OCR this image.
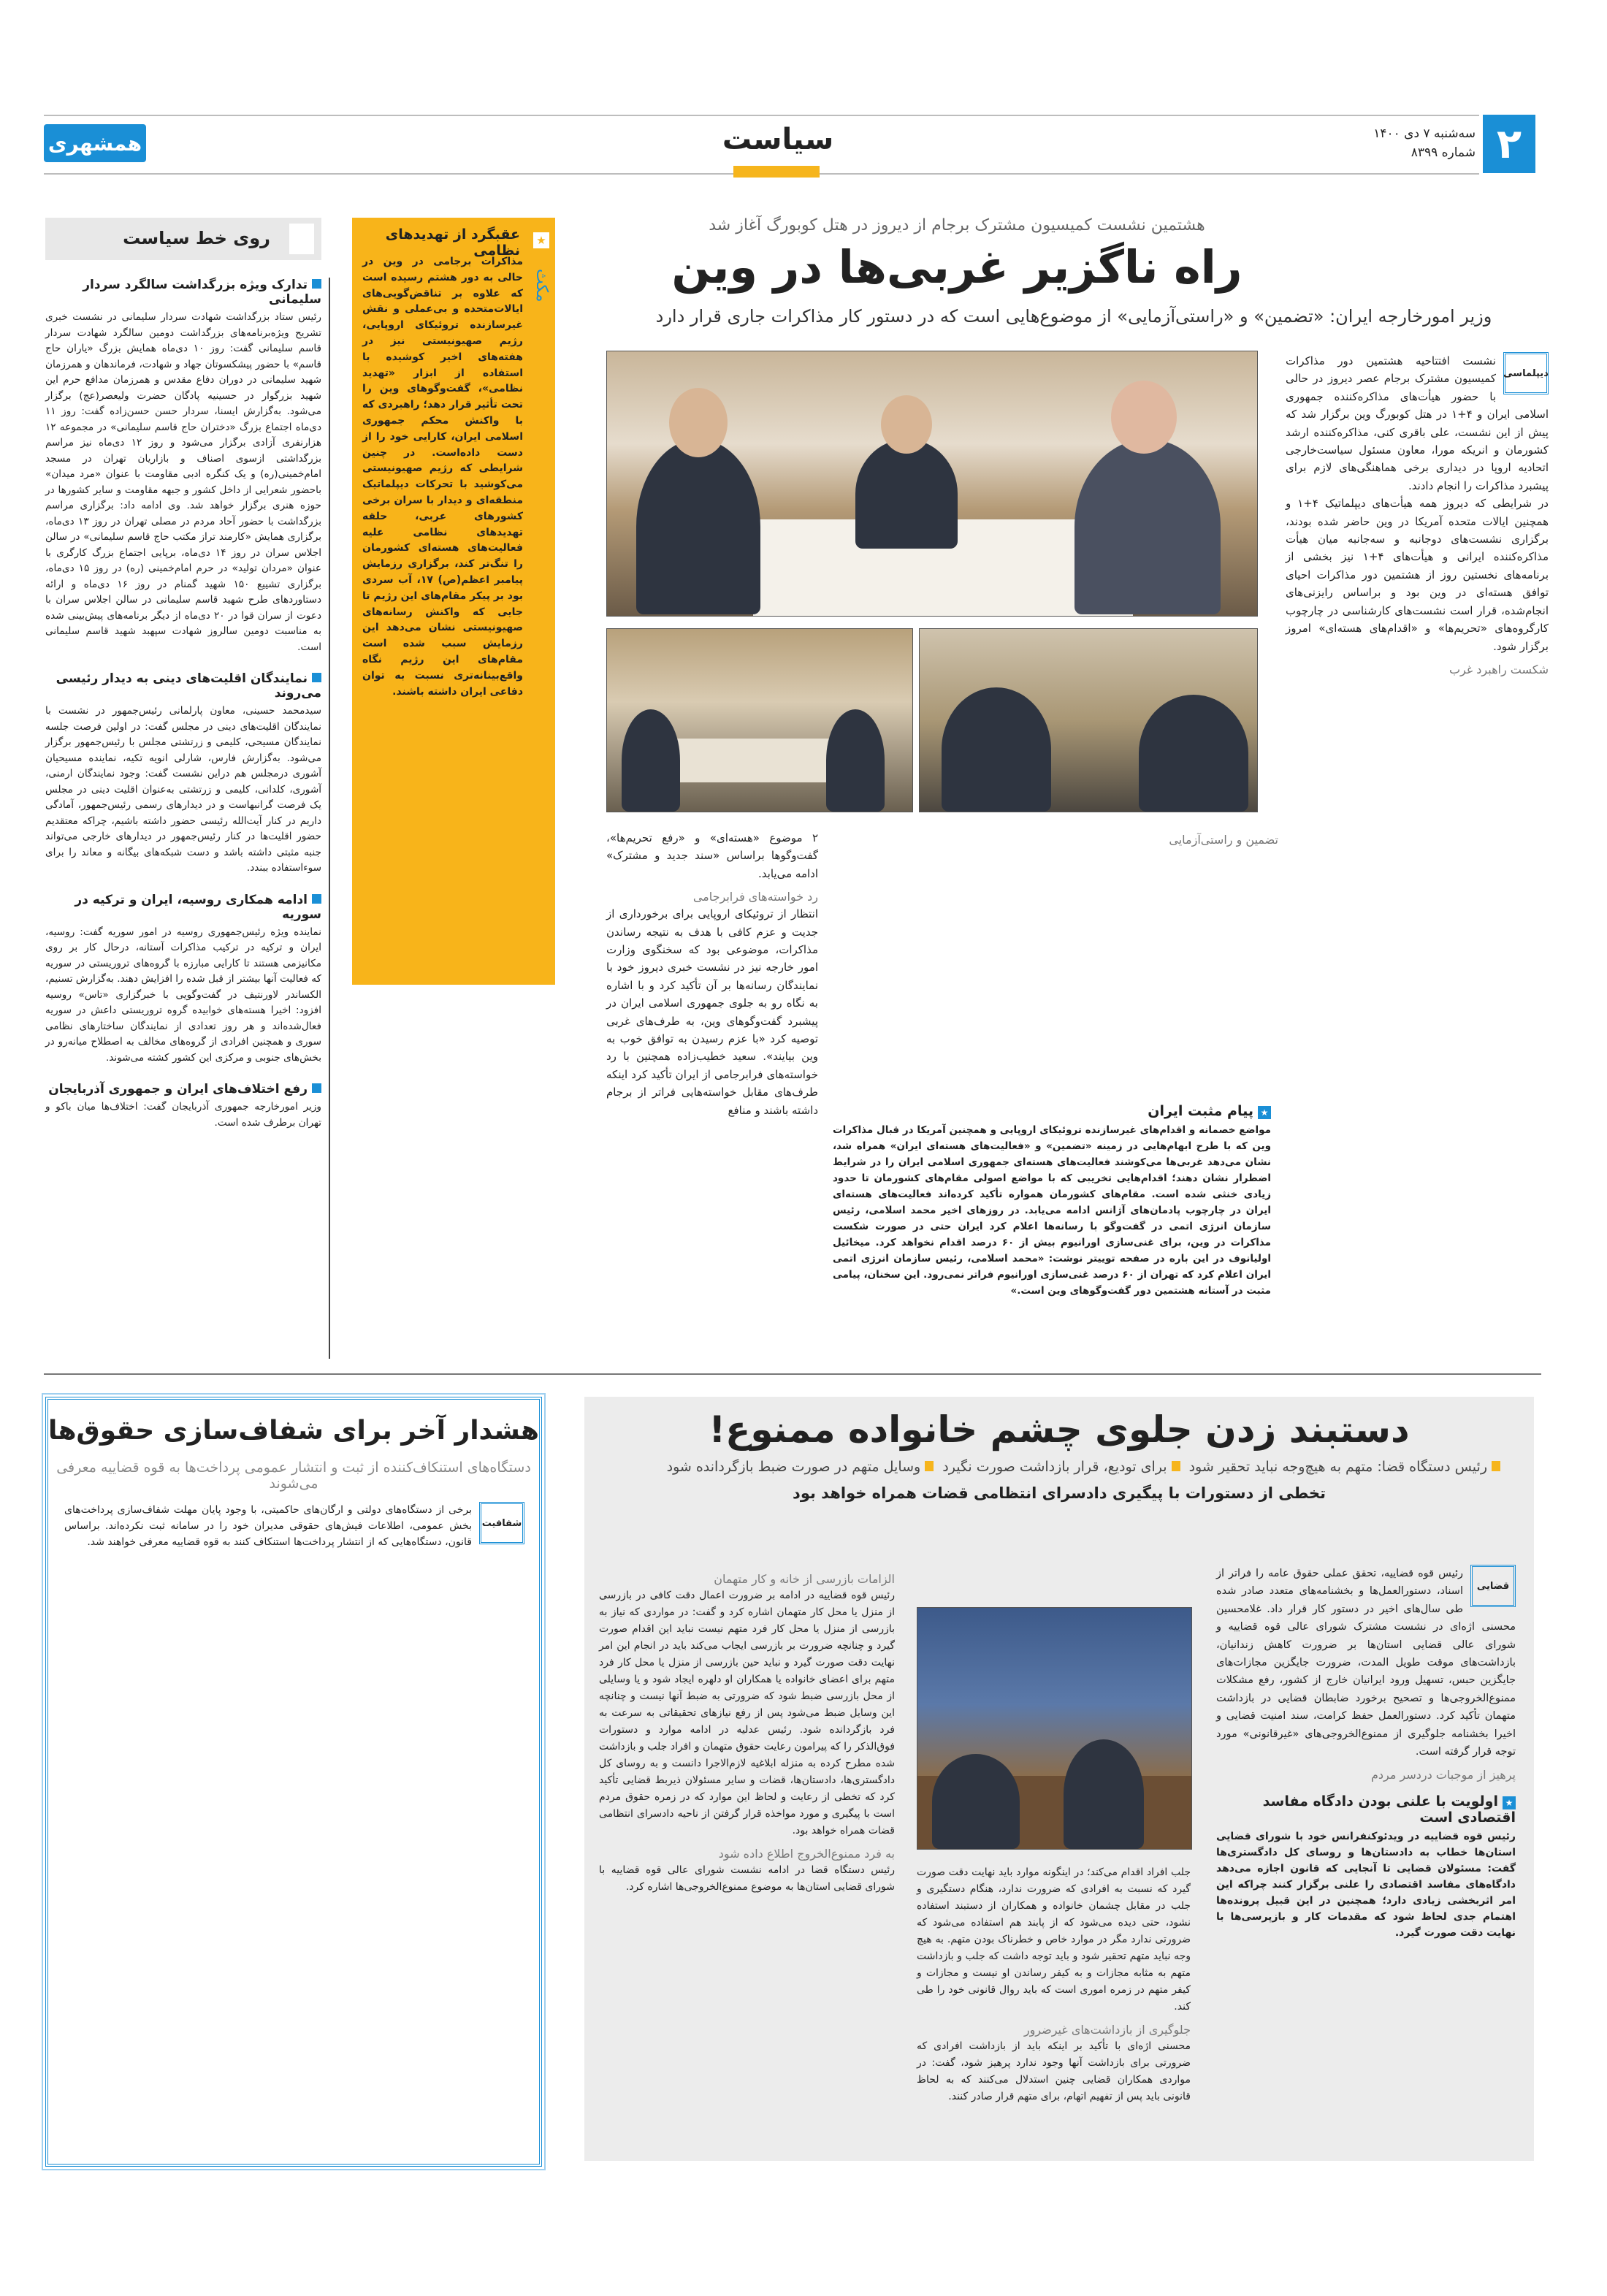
۲
سه‌شنبه ۷ دی ۱۴۰۰
شماره ۸۳۹۹
سیاست
همشهری
روی خط سیاست
تدارک ویژه بزرگداشت سالگرد سردار سلیمانی

رئیس ستاد بزرگداشت شهادت سردار سلیمانی در نشست خبری تشریح ویژه‌برنامه‌های بزرگداشت دومین سالگرد شهادت سردار قاسم سلیمانی گفت: روز ۱۰ دی‌ماه همایش بزرگ «یاران حاج قاسم» با حضور پیشکسوتان جهاد و شهادت، فرماندهان و همرزمان شهید سلیمانی در دوران دفاع مقدس و همرزمان مدافع حرم این شهید بزرگوار در حسینیه پادگان حضرت ولیعصر(عج) برگزار می‌شود. به‌گزارش ایسنا، سردار حسن حسن‌زاده گفت: روز ۱۱ دی‌ماه اجتماع بزرگ «دختران حاج قاسم سلیمانی» در مجموعه ۱۲ هزارنفری آزادی برگزار می‌شود و روز ۱۲ دی‌ماه نیز مراسم بزرگداشتی ازسوی اصناف و بازاریان تهران در مسجد امام‌خمینی(ره) و یک کنگره ادبی مقاومت با عنوان «مرد میدان» باحضور شعرایی از داخل کشور و جبهه مقاومت و سایر کشورها در حوزه هنری برگزار خواهد شد. وی ادامه داد: برگزاری مراسم بزرگداشت با حضور آحاد مردم در مصلی تهران در روز ۱۳ دی‌ماه، برگزاری همایش «کارمند تراز مکتب حاج قاسم سلیمانی» در سالن اجلاس سران در روز ۱۴ دی‌ماه، برپایی اجتماع بزرگ کارگری با عنوان «مردان تولید» در حرم امام‌خمینی (ره) در روز ۱۵ دی‌ماه، برگزاری تشییع ۱۵۰ شهید گمنام در روز ۱۶ دی‌ماه و ارائه دستاوردهای طرح شهید قاسم سلیمانی در سالن اجلاس سران با دعوت از سران قوا در ۲۰ دی‌ماه از دیگر برنامه‌های پیش‌بینی شده به مناسبت دومین سالروز شهادت سپهبد شهید قاسم سلیمانی است.

نمایندگان اقلیت‌های دینی به دیدار رئیسی می‌روند

سیدمحمد حسینی، معاون پارلمانی رئیس‌جمهور در نشست با نمایندگان اقلیت‌های دینی در مجلس گفت: در اولین فرصت جلسه نمایندگان مسیحی، کلیمی و زرتشتی مجلس با رئیس‌جمهور برگزار می‌شود. به‌گزارش فارس، شارلی انویه تکیه، نماینده مسیحیان آشوری درمجلس هم دراین نشست گفت: وجود نمایندگان ارمنی، آشوری، کلدانی، کلیمی و زرتشتی به‌عنوان اقلیت دینی در مجلس یک فرصت گرانبهاست و در دیدارهای رسمی رئیس‌جمهور، آمادگی داریم در کنار آیت‌الله رئیسی حضور داشته باشیم، چراکه معتقدیم حضور اقلیت‌ها در کنار رئیس‌جمهور در دیدارهای خارجی می‌تواند جنبه مثبتی داشته باشد و دست شبکه‌های بیگانه و معاند را برای سوءاستفاده ببندد.

ادامه همکاری روسیه، ایران و ترکیه در سوریه

نماینده ویژه رئیس‌جمهوری روسیه در امور سوریه گفت: روسیه، ایران و ترکیه در ترکیب مذاکرات آستانه، درحال کار بر روی مکانیزمی هستند تا کارایی مبارزه با گروه‌های تروریستی در سوریه که فعالیت آنها بیشتر از قبل شده را افزایش دهند. به‌گزارش تسنیم، الکساندر لاورنتیف در گفت‌وگویی با خبرگزاری «تاس» روسیه افزود: اخیرا هسته‌های خوابیده گروه تروریستی داعش در سوریه فعال‌شده‌اند و هر روز تعدادی از نمایندگان ساختارهای نظامی سوری و همچنین افرادی از گروه‌های مخالف به اصطلاح میانه‌رو در بخش‌های جنوبی و مرکزی این کشور کشته می‌شوند.

رفع اختلاف‌های ایران و جمهوری آذربایجان

وزیر امورخارجه جمهوری آذربایجان گفت: اختلاف‌ها میان باکو و تهران برطرف شده است.

★
مکث
عقبگرد از تهدیدهای نظامی

مذاکرات برجامی در وین در حالی به دور هشتم رسیده است که علاوه بر تناقض‌گویی‌های ایالات‌متحده و بی‌عملی و نقش غیرسازنده تروئیکای اروپایی، رژیم صهیونیستی نیز در هفته‌های اخیر کوشیده با استفاده از ابزار «تهدید نظامی»، گفت‌وگوهای وین را تحت تأثیر قرار دهد؛ راهبردی که با واکنش محکم جمهوری اسلامی ایران، کارایی خود را از دست داده‌است. در چنین شرایطی که رژیم صهیونیستی می‌کوشید با تحرکات دیپلماتیک منطقه‌ای و دیدار با سران برخی کشورهای عربی، حلقه تهدیدهای نظامی علیه فعالیت‌های هسته‌ای کشورمان را تنگ‌تر کند، برگزاری رزمایش پیامبر اعظم(ص) ۱۷، آب سردی بود بر پیکر مقام‌های این رژیم تا جایی که واکنش رسانه‌های صهیونیستی نشان می‌دهد این رزمایش سبب شده است مقام‌های این رژیم نگاه واقع‌بینانه‌تری نسبت به توان دفاعی ایران داشته باشند.

هشتمین نشست کمیسیون مشترک برجام از دیروز در هتل کوبورگ آغاز شد
راه ناگزیر غربی‌ها در وین
وزیر امورخارجه ایران: «تضمین» و «راستی‌آزمایی» از موضوع‌هایی است که در دستور کار مذاکرات جاری قرار دارد
دیپلماسی

نشست افتتاحیه هشتمین دور مذاکرات کمیسیون مشترک برجام عصر دیروز در حالی با حضور هیأت‌های مذاکره‌کننده جمهوری اسلامی ایران و ۴+۱ در هتل کوبورگ وین برگزار شد که پیش از این نشست، علی باقری کنی، مذاکره‌کننده ارشد کشورمان و انریکه مورا، معاون مسئول سیاست‌خارجی اتحادیه اروپا در دیداری برخی هماهنگی‌های لازم برای پیشبرد مذاکرات را انجام دادند.

در شرایطی که دیروز همه هیأت‌های دیپلماتیک ۴+۱ و همچنین ایالات متحده آمریکا در وین حاضر شده بودند، برگزاری نشست‌های دوجانبه و سه‌جانبه میان هیأت مذاکره‌کننده ایرانی و هیأت‌های ۴+۱ نیز بخشی از برنامه‌های نخستین روز از هشتمین دور مذاکرات احیای توافق هسته‌ای در وین بود و براساس رایزنی‌های انجام‌شده، قرار است نشست‌های کارشناسی در چارچوب کارگروه‌های «تحریم‌ها» و «اقدام‌های هسته‌ای» امروز برگزار شود.

شکست راهبرد غرب
تضمین و راستی‌آزمایی

۲ موضوع «هسته‌ای» و «رفع تحریم‌ها»، گفت‌وگوها براساس «سند جدید و مشترک» ادامه می‌یابد.

رد خواسته‌های فرابرجامی

انتظار از تروئیکای اروپایی برای برخورداری از جدیت و عزم کافی با هدف به نتیجه رساندن مذاکرات، موضوعی بود که سخنگوی وزارت امور خارجه نیز در نشست خبری دیروز خود با نمایندگان رسانه‌ها بر آن تأکید کرد و با اشاره به نگاه رو به جلوی جمهوری اسلامی ایران در پیشبرد گفت‌وگوهای وین، به طرف‌های غربی توصیه کرد «با عزم رسیدن به توافق خوب به وین بیایند». سعید خطیب‌زاده همچنین با رد خواسته‌های فرابرجامی از ایران تأکید کرد اینکه طرف‌های مقابل خواسته‌هایی فراتر از برجام داشته باشند و منافع	★پیام مثبت ایران

مواضع خصمانه و اقدام‌های غیرسازنده تروئیکای اروپایی و همچنین آمریکا در قبال مذاکرات وین که با طرح ابهام‌هایی در زمینه «تضمین» و «فعالیت‌های هسته‌ای ایران» همراه شد، نشان می‌دهد غربی‌ها می‌کوشند فعالیت‌های هسته‌ای جمهوری اسلامی ایران را در شرایط اضطرار نشان دهند؛ اقدام‌هایی تخریبی که با مواضع اصولی مقام‌های کشورمان تا حدود زیادی خنثی شده است. مقام‌های کشورمان همواره تأکید کرده‌اند فعالیت‌های هسته‌ای ایران در چارچوب پادمان‌های آژانس ادامه می‌یابد. در روزهای اخیر محمد اسلامی، رئیس سازمان انرژی اتمی در گفت‌وگو با رسانه‌ها اعلام کرد ایران حتی در صورت شکست مذاکرات در وین، برای غنی‌سازی اورانیوم بیش از ۶۰ درصد اقدام نخواهد کرد. میخائیل اولیانوف در این باره در صفحه توییتر نوشت: «محمد اسلامی، رئیس سازمان انرژی اتمی ایران اعلام کرد که تهران از ۶۰ درصد غنی‌سازی اورانیوم فراتر نمی‌رود. این سخنان، پیامی مثبت در آستانه هشتمین دور گفت‌وگوهای وین است.»

هشدار آخر برای شفاف‌سازی حقوق‌ها
دستگاه‌های استنکاف‌کننده از ثبت و انتشار عمومی پرداخت‌ها به قوه قضاییه معرفی می‌شوند
شفافیت

برخی از دستگاه‌های دولتی و ارگان‌های حاکمیتی، با وجود پایان مهلت شفاف‌سازی پرداخت‌های بخش عمومی، اطلاعات فیش‌های حقوقی مدیران خود را در سامانه ثبت نکرده‌اند. براساس قانون، دستگاه‌هایی که از انتشار پرداخت‌ها استنکاف کنند به قوه قضاییه معرفی خواهند شد.

دستبند زدن جلوی چشم خانواده ممنوع!
رئیس دستگاه قضا: متهم به هیچ‌وجه نباید تحقیر شود برای تودیع، قرار بازداشت صورت نگیرد وسایل متهم در صورت ضبط بازگردانده شود
تخطی از دستورات با پیگیری دادسرای انتظامی قضات همراه خواهد بود
قضایی

رئیس قوه قضاییه، تحقق عملی حقوق عامه را فراتر از اسناد، دستورالعمل‌ها و بخشنامه‌های متعدد صادر شده طی سال‌های اخیر در دستور کار قرار داد. غلامحسین محسنی اژه‌ای در نشست مشترک شورای عالی قوه قضاییه و شورای عالی قضایی استان‌ها بر ضرورت کاهش زندانیان، بازداشت‌های موقت طویل المدت، ضرورت جایگزین مجازات‌های جایگزین حبس، تسهیل ورود ایرانیان خارج از کشور، رفع مشکلات ممنوع‌الخروجی‌ها و تصحیح برخورد ضابطان قضایی در بازداشت متهمان تأکید کرد. دستورالعمل حفظ کرامت، سند امنیت قضایی و اخیرا بخشنامه جلوگیری از ممنوع‌الخروجی‌های «غیرقانونی» مورد توجه قرار گرفته است.

پرهیز از موجبات دردسر مردم
★اولویت با علنی بودن دادگاه مفاسد اقتصادی است

رئیس قوه قضاییه در ویدئوکنفرانس خود با شورای قضایی استان‌ها خطاب به دادستان‌ها و روسای کل دادگستری‌ها گفت: مسئولان قضایی تا آنجایی که قانون اجازه می‌دهد دادگاه‌های مفاسد اقتصادی را علنی برگزار کنند چراکه این امر اثربخشی زیادی دارد؛ همچنین در این قبیل پرونده‌ها اهتمام جدی لحاظ شود که مقدمات کار و بازپرسی‌ها با نهایت دقت صورت گیرد.

جلب افراد اقدام می‌کند؛ در اینگونه موارد باید نهایت دقت صورت گیرد که نسبت به افرادی که ضرورت ندارد، هنگام دستگیری و جلب در مقابل چشمان خانواده و همکاران از دستبند استفاده نشود، حتی دیده می‌شود که از پابند هم استفاده می‌شود که ضرورتی ندارد مگر در موارد خاص و خطرناک بودن متهم. به هیچ وجه نباید متهم تحقیر شود و باید توجه داشت که جلب و بازداشت متهم به مثابه مجازات و به کیفر رساندن او نیست و مجازات و کیفر متهم در زمره اموری است که باید روال قانونی خود را طی کند.

جلوگیری از بازداشت‌های غیرضرور

محسنی اژه‌ای با تأکید بر اینکه باید از بازداشت افرادی که ضرورتی برای بازداشت آنها وجود ندارد پرهیز شود، گفت: در مواردی همکاران قضایی چنین استدلال می‌کنند که به لحاظ قانونی باید پس از تفهیم اتهام، برای متهم قرار صادر کنند.

الزامات بازرسی از خانه و کار متهمان

رئیس قوه قضاییه در ادامه بر ضرورت اعمال دقت کافی در بازرسی از منزل یا محل کار متهمان اشاره کرد و گفت: در مواردی که نیاز به بازرسی از منزل یا محل کار فرد متهم نیست نباید این اقدام صورت گیرد و چنانچه ضرورت بر بازرسی ایجاب می‌کند باید در انجام این امر نهایت دقت صورت گیرد و نباید حین بازرسی از منزل یا محل کار فرد متهم برای اعضای خانواده یا همکاران او دلهره ایجاد شود و یا وسایلی از محل بازرسی ضبط شود که ضرورتی به ضبط آنها نیست و چنانچه این وسایل ضبط می‌شود پس از رفع نیازهای تحقیقاتی به سرعت به فرد بازگردانده شود. رئیس عدلیه در ادامه موارد و دستورات فوق‌الذکر را که پیرامون رعایت حقوق متهمان و افراد جلب و بازداشت شده مطرح کرده به منزله ابلاغیه لازم‌الاجرا دانست و به روسای کل دادگستری‌ها، دادستان‌ها، قضات و سایر مسئولان ذیربط قضایی تأکید کرد که تخطی از رعایت و لحاظ این موارد که در زمره حقوق مردم است با پیگیری و مورد مواخذه قرار گرفتن از ناحیه دادسرای انتظامی قضات همراه خواهد بود.

به فرد ممنوع‌الخروج اطلاع داده شود

رئیس دستگاه قضا در ادامه نشست شورای عالی قوه قضاییه با شورای قضایی استان‌ها به موضوع ممنوع‌الخروجی‌ها اشاره کرد.
